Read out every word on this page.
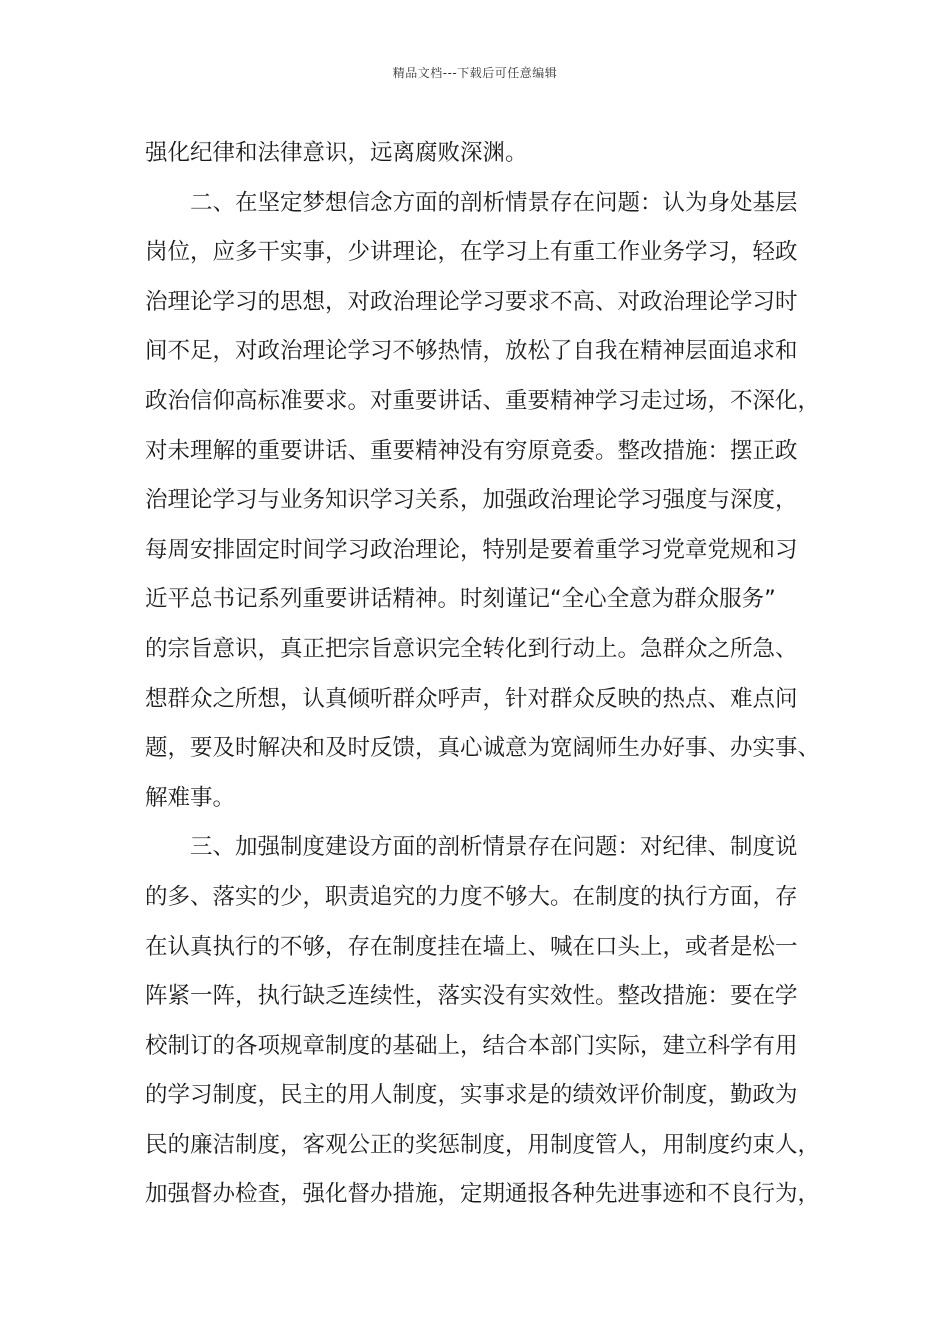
精品文档---下载后可任意编辑
强化纪律和法律意识，远离腐败深渊。
二、在坚定梦想信念方面的剖析情景存在问题：认为身处基层
岗位，应多干实事，少讲理论，在学习上有重工作业务学习，轻政
治理论学习的思想，对政治理论学习要求不高、对政治理论学习时
间不足，对政治理论学习不够热情，放松了自我在精神层面追求和
政治信仰高标准要求。对重要讲话、重要精神学习走过场，不深化，
对未理解的重要讲话、重要精神没有穷原竟委。整改措施：摆正政
治理论学习与业务知识学习关系，加强政治理论学习强度与深度，
每周安排固定时间学习政治理论，特别是要着重学习党章党规和习
近平总书记系列重要讲话精神。时刻谨记“全心全意为群众服务”
的宗旨意识，真正把宗旨意识完全转化到行动上。急群众之所急、
想群众之所想，认真倾听群众呼声，针对群众反映的热点、难点问
题，要及时解决和及时反馈，真心诚意为宽阔师生办好事、办实事、
解难事。
三、加强制度建设方面的剖析情景存在问题：对纪律、制度说
的多、落实的少，职责追究的力度不够大。在制度的执行方面，存
在认真执行的不够，存在制度挂在墙上、喊在口头上，或者是松一
阵紧一阵，执行缺乏连续性，落实没有实效性。整改措施：要在学
校制订的各项规章制度的基础上，结合本部门实际，建立科学有用
的学习制度，民主的用人制度，实事求是的绩效评价制度，勤政为
民的廉洁制度，客观公正的奖惩制度，用制度管人，用制度约束人，
加强督办检查，强化督办措施，定期通报各种先进事迹和不良行为，
